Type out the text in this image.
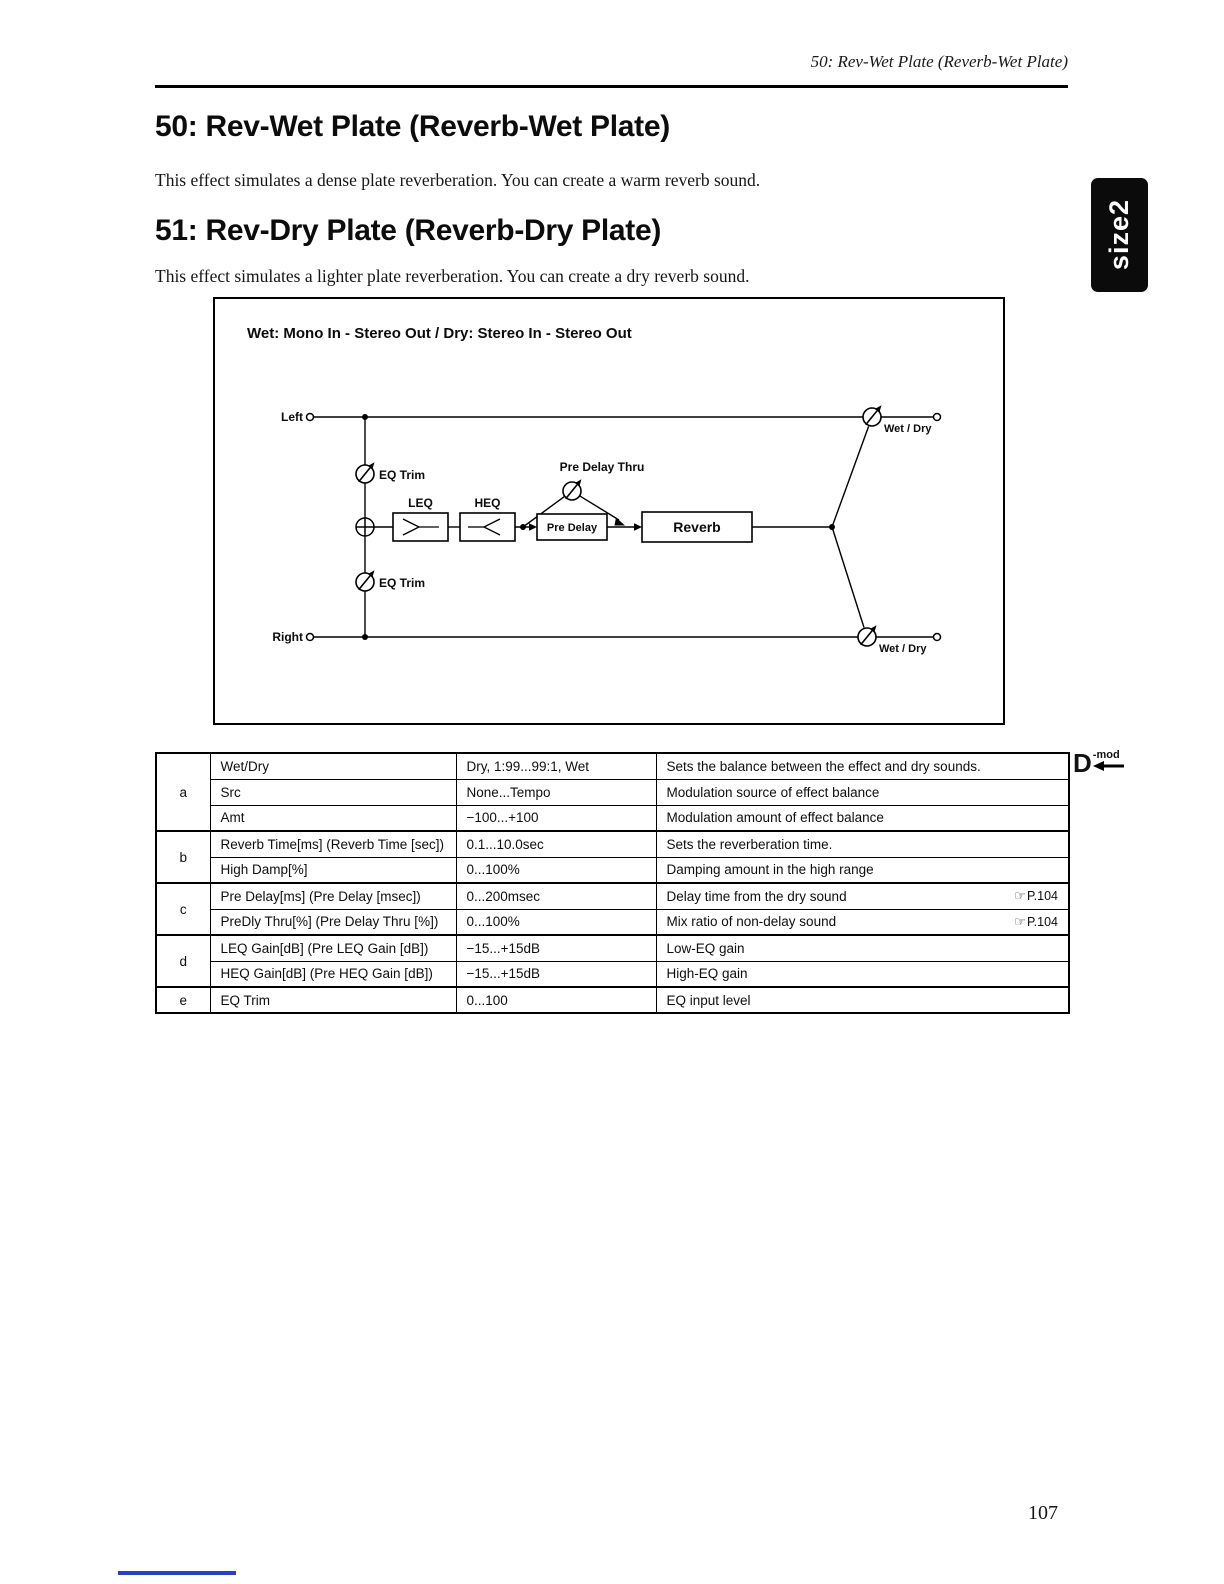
50: Rev-Wet Plate (Reverb-Wet Plate)
50: Rev-Wet Plate (Reverb-Wet Plate)
This effect simulates a dense plate reverberation. You can create a warm reverb sound.
51: Rev-Dry Plate (Reverb-Dry Plate)
This effect simulates a lighter plate reverberation. You can create a dry reverb sound.
size2
Wet: Mono In - Stereo Out / Dry: Stereo In - Stereo Out
Left
Right
EQ Trim
EQ Trim
LEQ	HEQ
Pre Delay
Pre Delay Thru
Reverb
Wet / Dry
Wet / Dry
a	Wet/Dry	Dry, 1:99...99:1, Wet	Sets the balance between the effect and dry sounds.
	Src	None...Tempo	Modulation source of effect balance
	Amt	−100...+100	Modulation amount of effect balance
b	Reverb Time[ms] (Reverb Time [sec])	0.1...10.0sec	Sets the reverberation time.
	High Damp[%]	0...100%	Damping amount in the high range
c	Pre Delay[ms] (Pre Delay [msec])	0...200msec	Delay time from the dry sound ☞P.104

	PreDly Thru[%] (Pre Delay Thru [%])	0...100%	Mix ratio of non-delay sound ☞P.104

d	LEQ Gain[dB] (Pre LEQ Gain [dB])	−15...+15dB	Low-EQ gain
	HEQ Gain[dB] (Pre HEQ Gain [dB])	−15...+15dB	High-EQ gain
e	EQ Trim	0...100	EQ input level
D -mod
107
